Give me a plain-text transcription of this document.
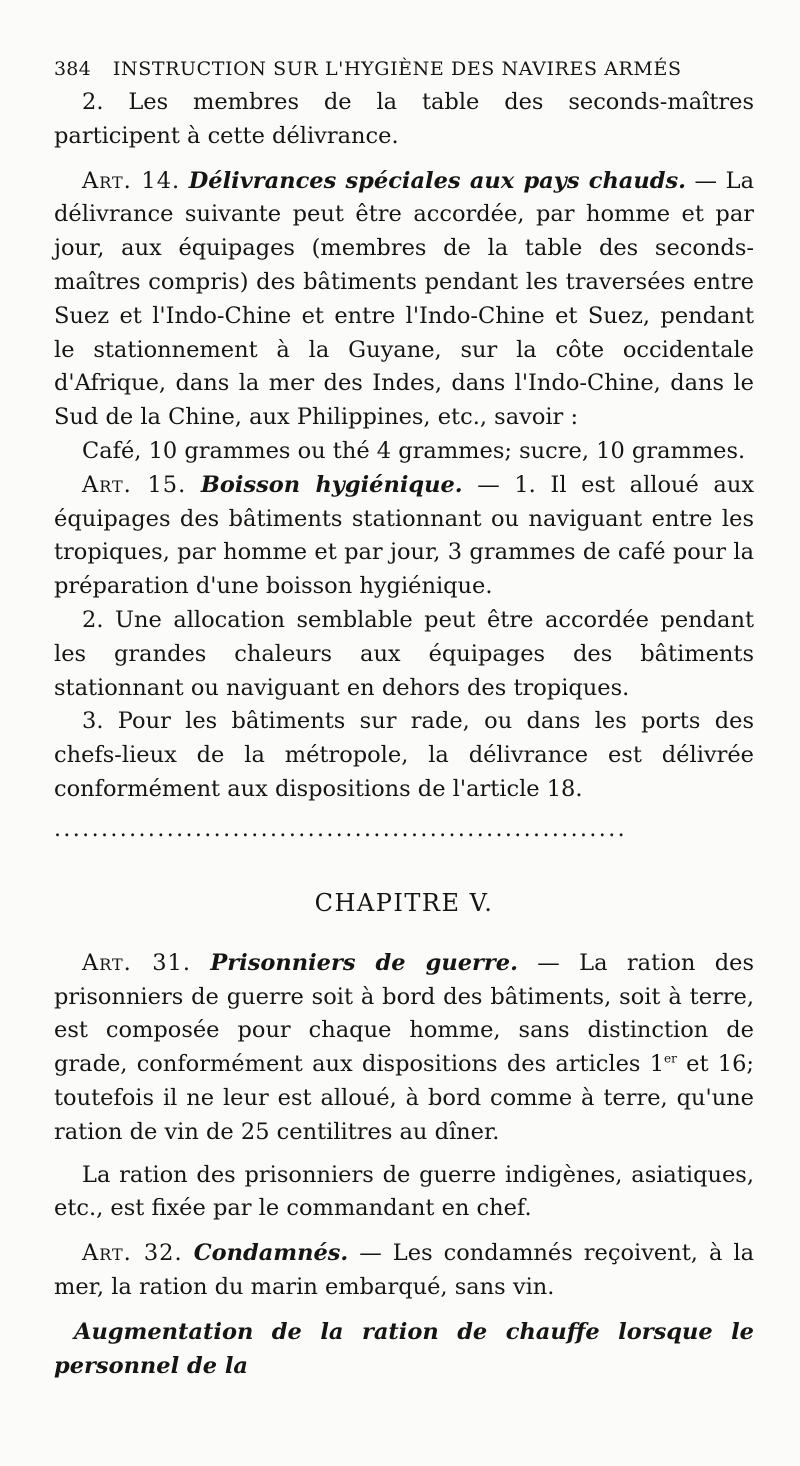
384 INSTRUCTION SUR L'HYGIÈNE DES NAVIRES ARMÉS

2. Les membres de la table des seconds-maîtres participent à cette délivrance.

Art. 14. Délivrances spéciales aux pays chauds. — La délivrance suivante peut être accordée, par homme et par jour, aux équipages (membres de la table des seconds-maîtres compris) des bâtiments pendant les traversées entre Suez et l'Indo-Chine et entre l'Indo-Chine et Suez, pendant le stationnement à la Guyane, sur la côte occidentale d'Afrique, dans la mer des Indes, dans l'Indo-Chine, dans le Sud de la Chine, aux Philippines, etc., savoir :

Café, 10 grammes ou thé 4 grammes; sucre, 10 grammes.

Art. 15. Boisson hygiénique. — 1. Il est alloué aux équipages des bâtiments stationnant ou naviguant entre les tropiques, par homme et par jour, 3 grammes de café pour la préparation d'une boisson hygiénique.

2. Une allocation semblable peut être accordée pendant les grandes chaleurs aux équipages des bâtiments stationnant ou naviguant en dehors des tropiques.

3. Pour les bâtiments sur rade, ou dans les ports des chefs-lieux de la métropole, la délivrance est délivrée conformément aux dispositions de l'article 18.

.............................................................
CHAPITRE V.

Art. 31. Prisonniers de guerre. — La ration des prisonniers de guerre soit à bord des bâtiments, soit à terre, est composée pour chaque homme, sans distinction de grade, conformément aux dispositions des articles 1er et 16; toutefois il ne leur est alloué, à bord comme à terre, qu'une ration de vin de 25 centilitres au dîner.

La ration des prisonniers de guerre indigènes, asiatiques, etc., est fixée par le commandant en chef.

Art. 32. Condamnés. — Les condamnés reçoivent, à la mer, la ration du marin embarqué, sans vin.

Augmentation de la ration de chauffe lorsque le personnel de la
